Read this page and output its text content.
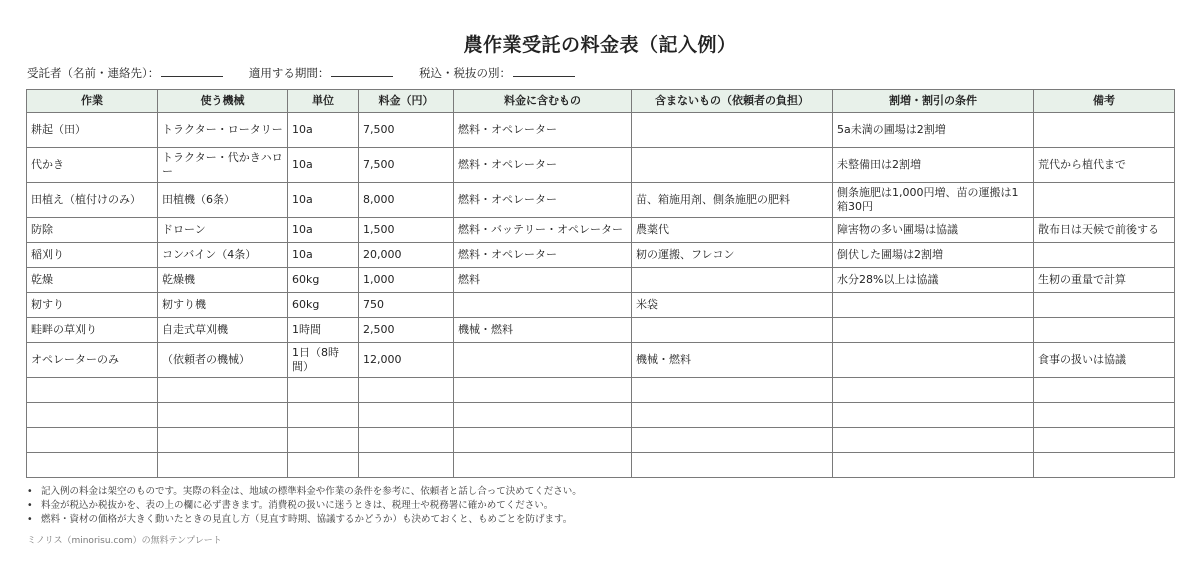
農作業受託の料金表（記入例）
受託者（名前・連絡先）：	適用する期間：	税込・税抜の別：
作業	使う機械	単位	料金（円）	料金に含むもの	含まないもの（依頼者の負担）	割増・割引の条件	備考
耕起（田）	トラクター・ロータリー	10a	7,500	燃料・オペレーター		5a未満の圃場は2割増	
代かき	トラクター・代かきハロー	10a	7,500	燃料・オペレーター		未整備田は2割増	荒代から植代まで
田植え（植付けのみ）	田植機（6条）	10a	8,000	燃料・オペレーター	苗、箱施用剤、側条施肥の肥料	側条施肥は1,000円増、苗の運搬は1箱30円	
防除	ドローン	10a	1,500	燃料・バッテリー・オペレーター	農薬代	障害物の多い圃場は協議	散布日は天候で前後する
稲刈り	コンバイン（4条）	10a	20,000	燃料・オペレーター	籾の運搬、フレコン	倒伏した圃場は2割増	
乾燥	乾燥機	60kg	1,000	燃料		水分28%以上は協議	生籾の重量で計算
籾すり	籾すり機	60kg	750		米袋		
畦畔の草刈り	自走式草刈機	1時間	2,500	機械・燃料			
オペレーターのみ	（依頼者の機械）	1日（8時間）	12,000		機械・燃料		食事の扱いは協議

• 記入例の料金は架空のものです。実際の料金は、地域の標準料金や作業の条件を参考に、依頼者と話し合って決めてください。
• 料金が税込か税抜かを、表の上の欄に必ず書きます。消費税の扱いに迷うときは、税理士や税務署に確かめてください。
• 燃料・資材の価格が大きく動いたときの見直し方（見直す時期、協議するかどうか）も決めておくと、もめごとを防げます。
ミノリス（minorisu.com）の無料テンプレート
